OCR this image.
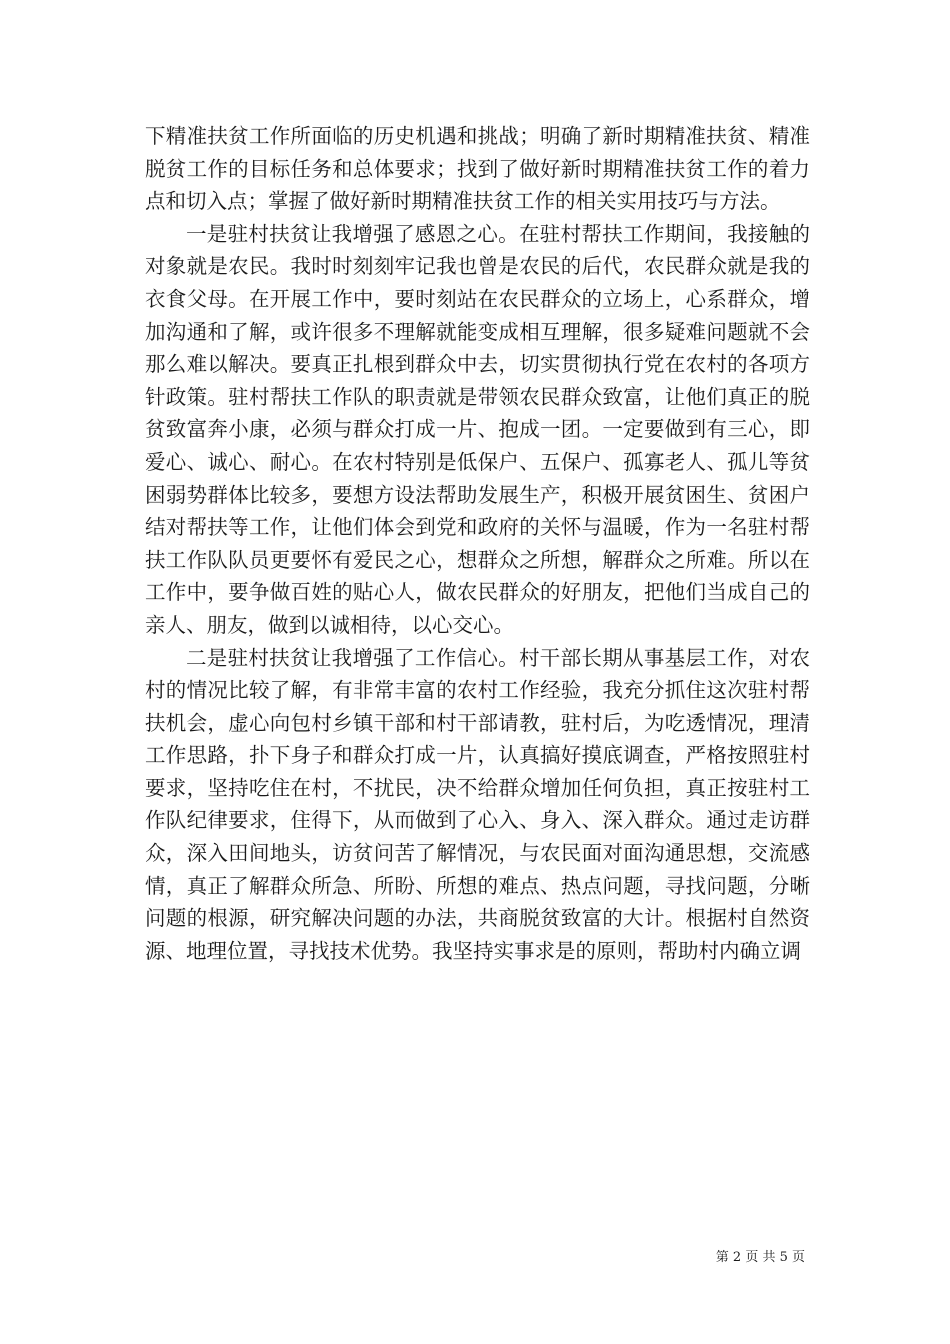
下精准扶贫工作所面临的历史机遇和挑战；明确了新时期精准扶贫、精准脱贫工作的目标任务和总体要求；找到了做好新时期精准扶贫工作的着力点和切入点；掌握了做好新时期精准扶贫工作的相关实用技巧与方法。

一是驻村扶贫让我增强了感恩之心。在驻村帮扶工作期间，我接触的对象就是农民。我时时刻刻牢记我也曾是农民的后代，农民群众就是我的衣食父母。在开展工作中，要时刻站在农民群众的立场上，心系群众，增加沟通和了解，或许很多不理解就能变成相互理解，很多疑难问题就不会那么难以解决。要真正扎根到群众中去，切实贯彻执行党在农村的各项方针政策。驻村帮扶工作队的职责就是带领农民群众致富，让他们真正的脱贫致富奔小康，必须与群众打成一片、抱成一团。一定要做到有三心，即爱心、诚心、耐心。在农村特别是低保户、五保户、孤寡老人、孤儿等贫困弱势群体比较多，要想方设法帮助发展生产，积极开展贫困生、贫困户结对帮扶等工作，让他们体会到党和政府的关怀与温暖，作为一名驻村帮扶工作队队员更要怀有爱民之心，想群众之所想，解群众之所难。所以在工作中，要争做百姓的贴心人，做农民群众的好朋友，把他们当成自己的亲人、朋友，做到以诚相待，以心交心。

二是驻村扶贫让我增强了工作信心。村干部长期从事基层工作，对农村的情况比较了解，有非常丰富的农村工作经验，我充分抓住这次驻村帮扶机会，虚心向包村乡镇干部和村干部请教，驻村后，为吃透情况，理清工作思路，扑下身子和群众打成一片，认真搞好摸底调查，严格按照驻村要求，坚持吃住在村，不扰民，决不给群众增加任何负担，真正按驻村工作队纪律要求，住得下，从而做到了心入、身入、深入群众。通过走访群众，深入田间地头，访贫问苦了解情况，与农民面对面沟通思想，交流感情，真正了解群众所急、所盼、所想的难点、热点问题，寻找问题，分晰问题的根源，研究解决问题的办法，共商脱贫致富的大计。根据村自然资源、地理位置，寻找技术优势。我坚持实事求是的原则，帮助村内确立调

第 2 页 共 5 页
